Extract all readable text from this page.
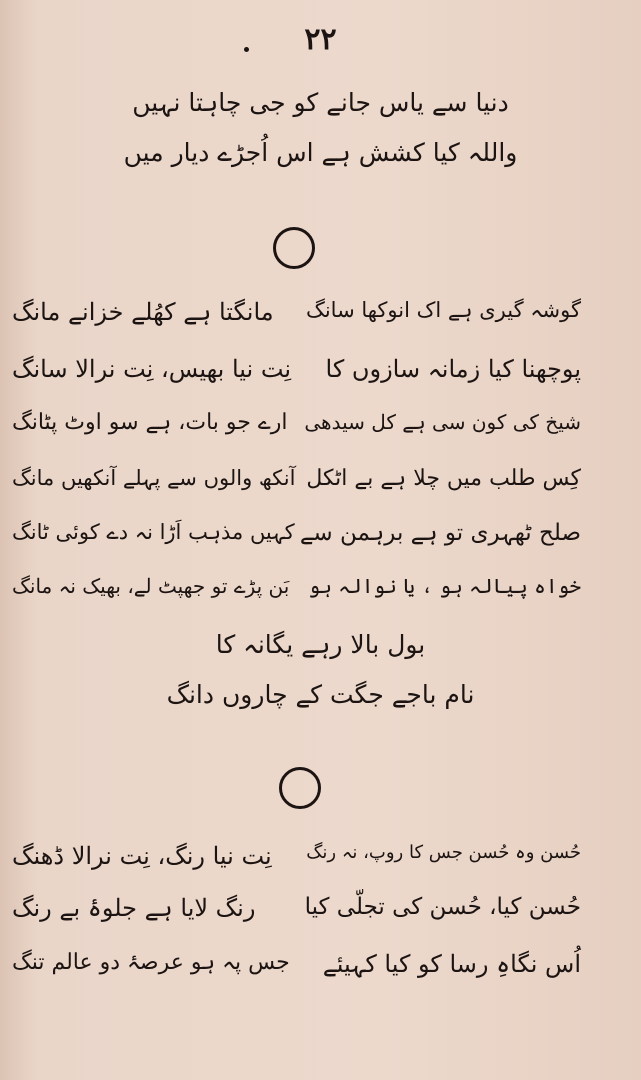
۲۲
دنیا سے یاس جانے کو جی چاہتا نہیں
واللہ کیا کشش ہے اس اُجڑے دیار میں
گوشہ گیری ہے اک انوکھا سانگ
مانگتا ہے کھُلے خزانے مانگ
پوچھنا کیا زمانہ سازوں کا
نِت نیا بھیس، نِت نرالا سانگ
شیخ کی کون سی ہے کل سیدھی
ارے جو بات، ہے سو اوٹ پٹانگ
کِس طلب میں چلا ہے بے اٹکل
آنکھ والوں سے پہلے آنکھیں مانگ
صلح ٹھہری تو ہے برہمن سے
کہیں مذہب اَڑا نہ دے کوئی ٹانگ
خواہ پیالہ ہو ، یا نوالہ ہو
بَن پڑے تو جھپٹ لے، بھیک نہ مانگ
بول بالا رہے یگانہ کا
نام باجے جگت کے چاروں دانگ
حُسن وہ حُسن جس کا روپ، نہ رنگ
نِت نیا رنگ، نِت نرالا ڈھنگ
حُسن کیا، حُسن کی تجلّی کیا
رنگ لایا ہے جلوۂ بے رنگ
اُس نگاہِ رسا کو کیا کہیئے
جس پہ ہو عرصۂ دو عالم تنگ
